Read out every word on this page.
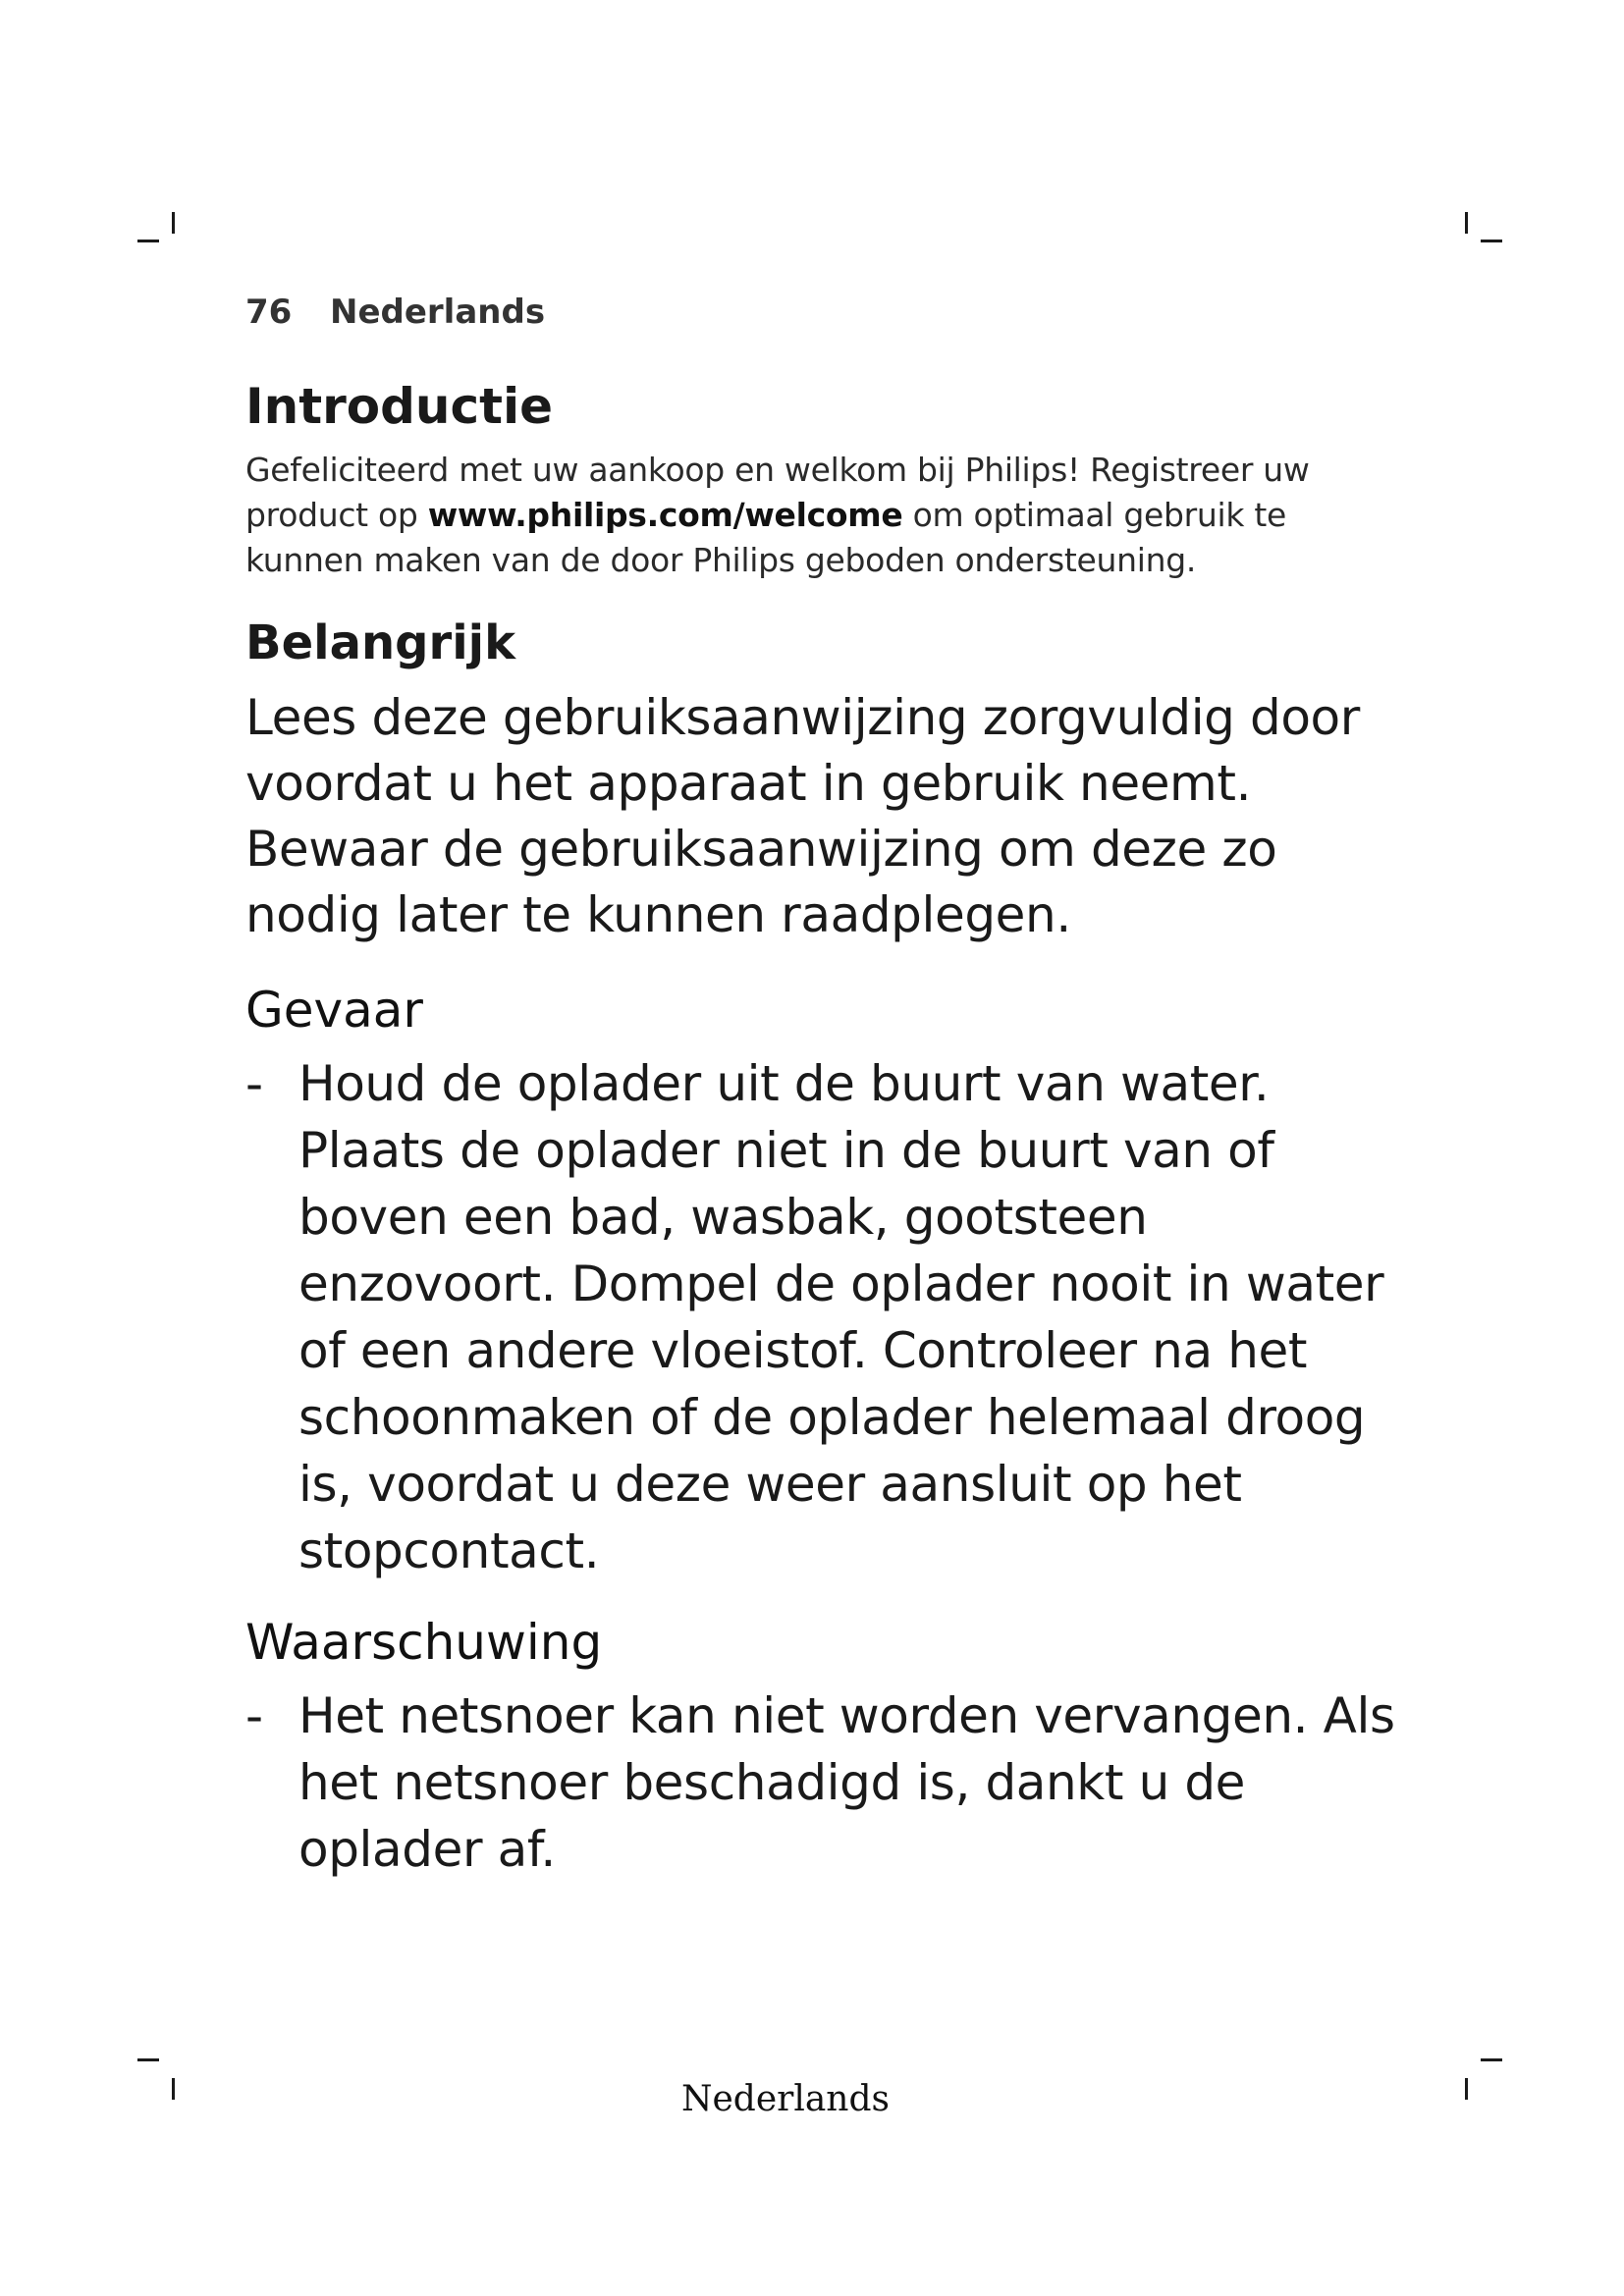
76 Nederlands
Introductie

Gefeliciteerd met uw aankoop en welkom bij Philips! Registreer uw product op www.philips.com/welcome om optimaal gebruik te kunnen maken van de door Philips geboden ondersteuning.

Belangrijk

Lees deze gebruiksaanwijzing zorgvuldig door voordat u het apparaat in gebruik neemt.

Bewaar de gebruiksaanwijzing om deze zo nodig later te kunnen raadplegen.

Gevaar
- Houd de oplader uit de buurt van water. Plaats de oplader niet in de buurt van of boven een bad, wasbak, gootsteen enzovoort. Dompel de oplader nooit in water of een andere vloeistof. Controleer na het schoonmaken of de oplader helemaal droog is, voordat u deze weer aansluit op het stopcontact.
Waarschuwing
- Het netsnoer kan niet worden vervangen. Als het netsnoer beschadigd is, dankt u de oplader af.
Nederlands
